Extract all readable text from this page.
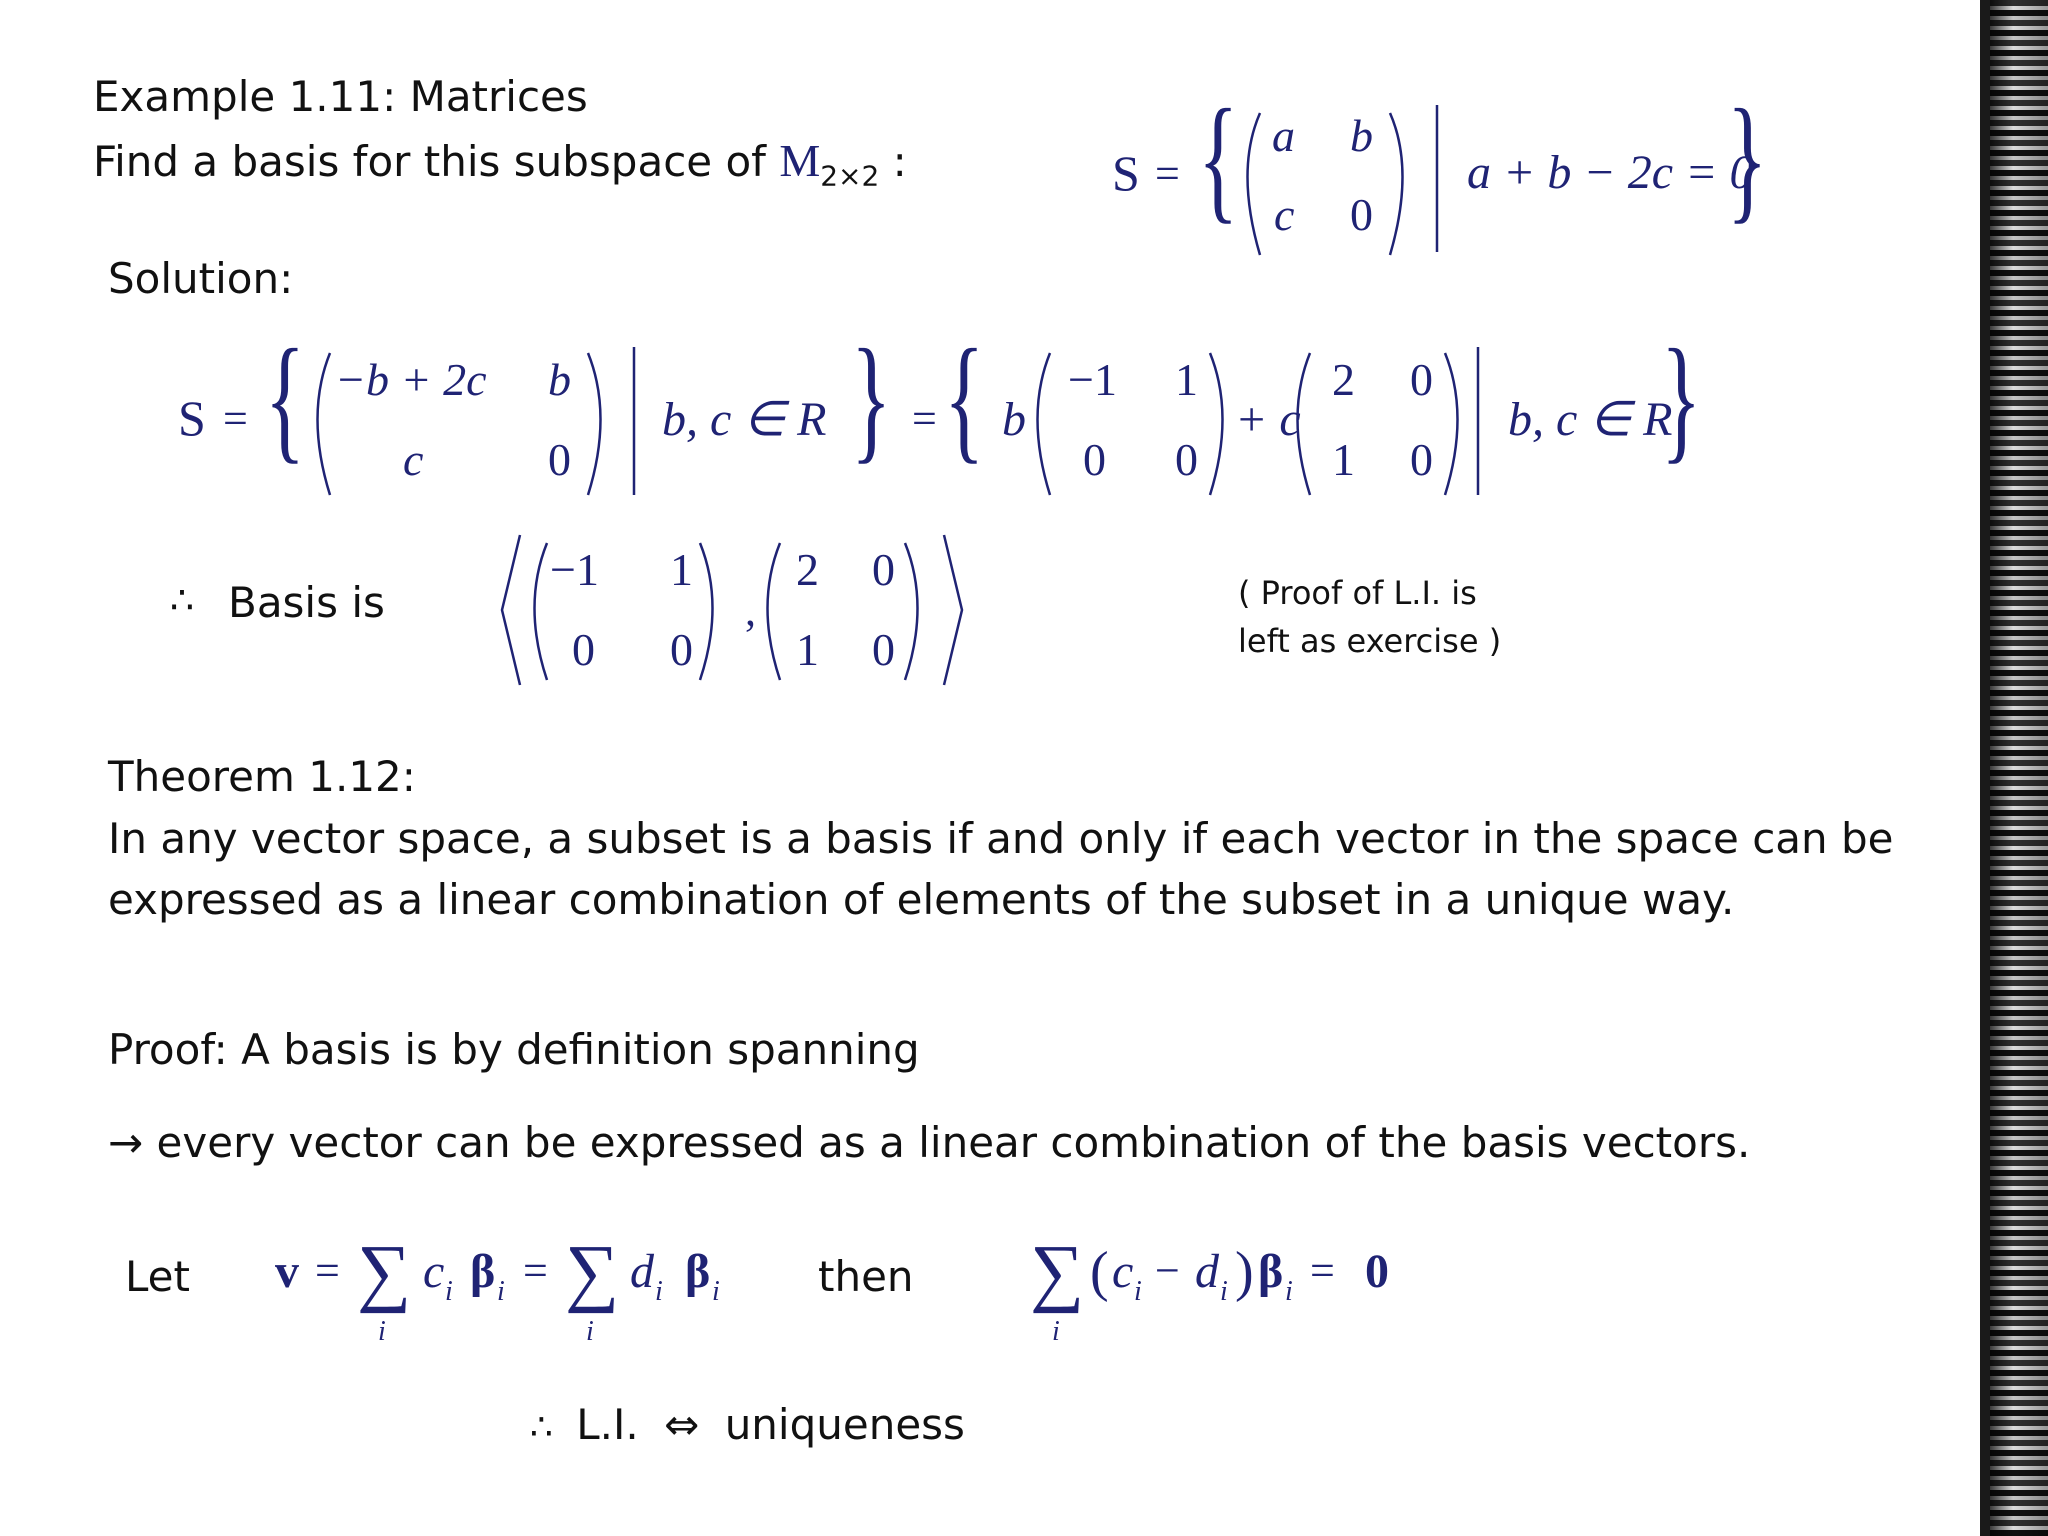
Example 1.11: Matrices
Find a basis for this subspace of $M_{2\times 2}$ :	S = { a b
c 0
a + b − 2c = 0
}
Solution:
S = { −b + 2c b
c	0
b, c ∈ R } = { b
−1 1
0 0
+ c
2 0
1 0
b, c ∈ R
}
∴ Basis is
−1 1
0 0
,
2 0
1 0
( Proof of L.I. is
left as exercise )
Theorem 1.12:
In any vector space, a subset is a basis if and only if each vector in the space can be
expressed as a linear combination of elements of the subset in a unique way.
Proof: A basis is by definition spanning
→ every vector can be expressed as a linear combination of the basis vectors.
Let v = ∑
i
c i β i = ∑
i
d i β i then ∑
i
( c i − d i ) β i = 0
∴ L.I. ⇔ uniqueness
